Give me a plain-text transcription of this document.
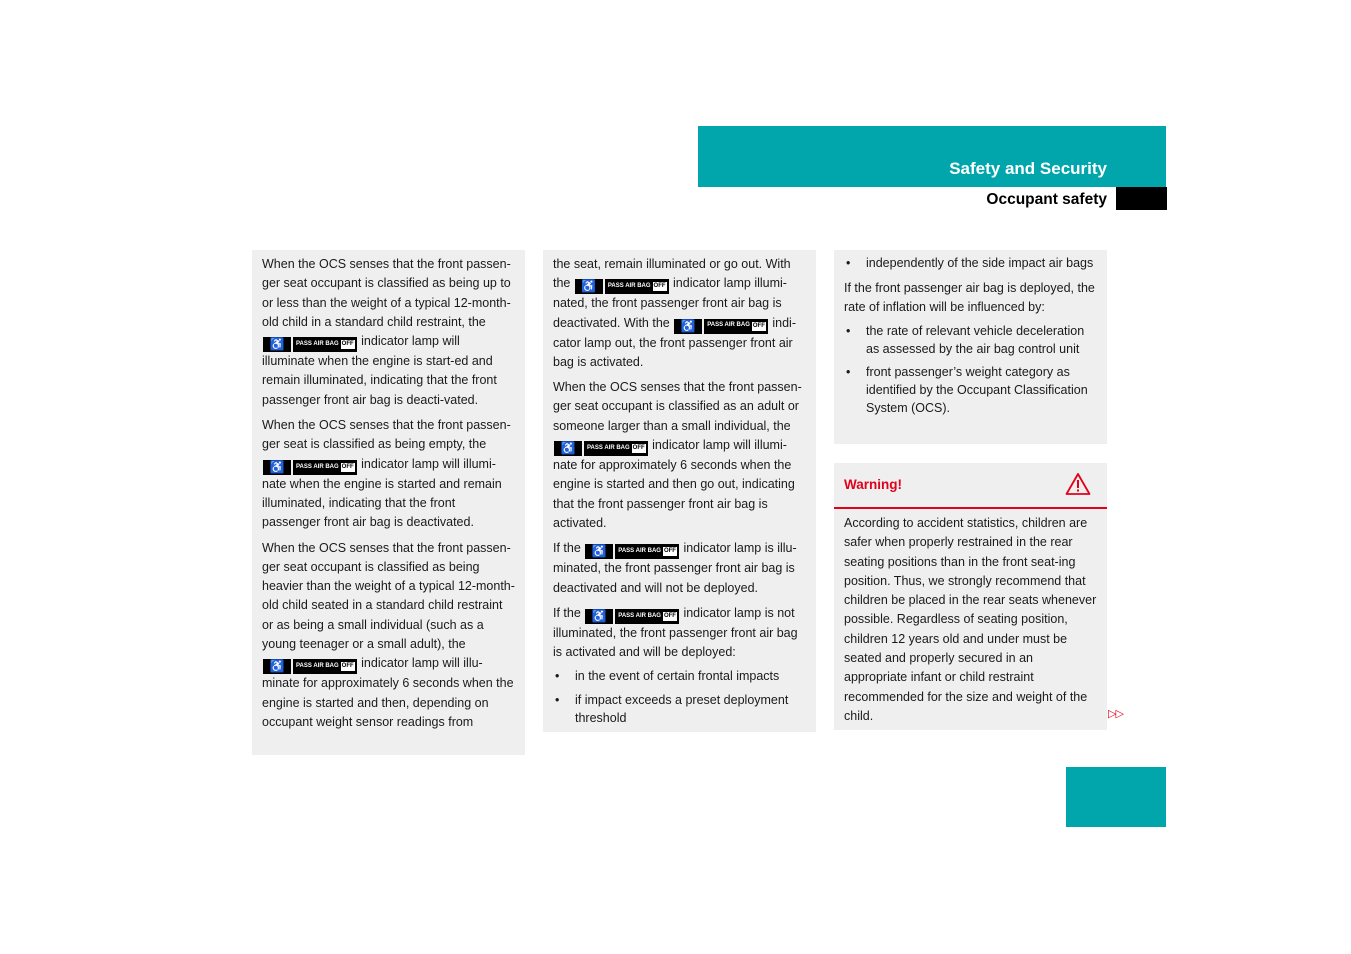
Safety and Security
Occupant safety

When the OCS senses that the front passen-ger seat occupant is classified as being up to or less than the weight of a typical 12-month-old child in a standard child restraint, the
♿	PASS AIR BAG OFF indicator lamp will illuminate when the engine is start-ed and remain illuminated, indicating that the front passenger front air bag is deacti-vated.

When the OCS senses that the front passen-ger seat is classified as being empty, the
♿	PASS AIR BAG OFF indicator lamp will illumi-nate when the engine is started and remain illuminated, indicating that the front passenger front air bag is deactivated.

When the OCS senses that the front passen-ger seat occupant is classified as being heavier than the weight of a typical 12-month-old child seated in a standard child restraint or as being a small individual (such as a young teenager or a small adult), the
♿	PASS AIR BAG OFF indicator lamp will illu-minate for approximately 6 seconds when the engine is started and then, depending on occupant weight sensor readings from

the seat, remain illuminated or go out. With the ♿	PASS AIR BAG OFF indicator lamp illumi-nated, the front passenger front air bag is deactivated. With the ♿	PASS AIR BAG OFF indi-cator lamp out, the front passenger front air bag is activated.

When the OCS senses that the front passen-ger seat occupant is classified as an adult or someone larger than a small individual, the
♿	PASS AIR BAG OFF indicator lamp will illumi-nate for approximately 6 seconds when the engine is started and then go out, indicating that the front passenger front air bag is activated.

If the ♿	PASS AIR BAG OFF indicator lamp is illu-minated, the front passenger front air bag is deactivated and will not be deployed.

If the ♿	PASS AIR BAG OFF indicator lamp is not illuminated, the front passenger front air bag is activated and will be deployed:

• in the event of certain frontal impacts
• if impact exceeds a preset deployment threshold
• independently of the side impact air bags

If the front passenger air bag is deployed, the rate of inflation will be influenced by:

• the rate of relevant vehicle deceleration as assessed by the air bag control unit
• front passenger’s weight category as identified by the Occupant Classification System (OCS).
Warning!
According to accident statistics, children are safer when properly restrained in the rear seating positions than in the front seat-ing position. Thus, we strongly recommend that children be placed in the rear seats whenever possible. Regardless of seating position, children 12 years old and under must be seated and properly secured in an appropriate infant or child restraint recommended for the size and weight of the child.	▷▷
49
